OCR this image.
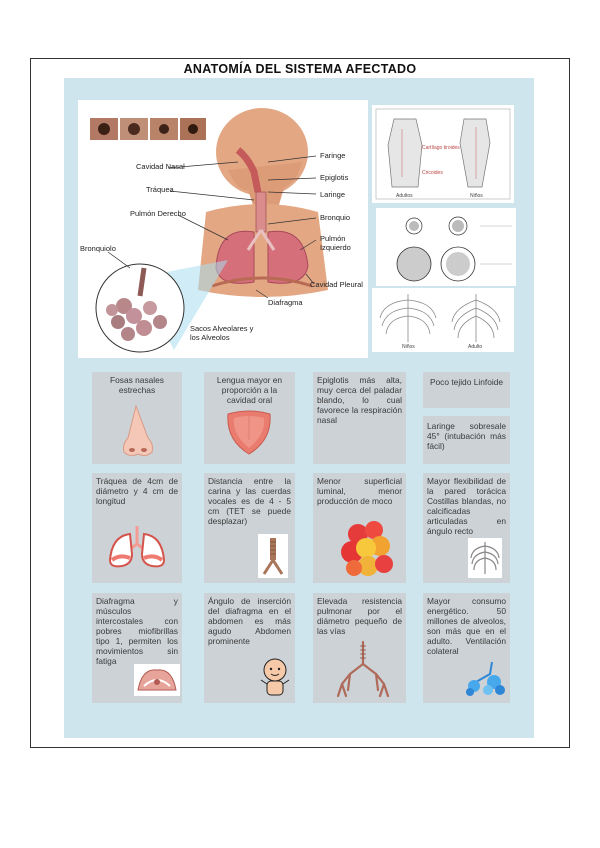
ANATOMÍA DEL SISTEMA AFECTADO
Cavidad Nasal
Tráquea
Pulmón Derecho
Bronquiolo
Faringe
Epiglotis
Laringe
Bronquio
Pulmón Izquierdo
Cavidad Pleural
Diafragma
Sacos Alveolares y los Alveolos
Cartílago tiroides
Cricoides
Adultos	Niños
Niños	Adulto
Fosas nasales estrechas
Lengua mayor en proporción a la cavidad oral
Epiglotis más alta, muy cerca del paladar blando, lo cual favorece la respiración nasal
Poco tejido Linfoide
Laringe sobresale 45° (intubación más fácil)
Tráquea de 4cm de diámetro y 4 cm de longitud
Distancia entre la carina y las cuerdas vocales es de 4 - 5 cm (TET se puede desplazar)
Menor superficial luminal, menor producción de moco
Mayor flexibilidad de la pared torácica Costillas blandas, no calcificadas articuladas en ángulo recto
Diafragma y músculos intercostales con pobres miofibrillas tipo 1, permiten los movimientos sin fatiga
Ángulo de inserción del diafragma en el abdomen es más agudo Abdomen prominente
Elevada resistencia pulmonar por el diámetro pequeño de las vías
Mayor consumo energético. 50 millones de alveolos, son más que en el adulto. Ventilación colateral
